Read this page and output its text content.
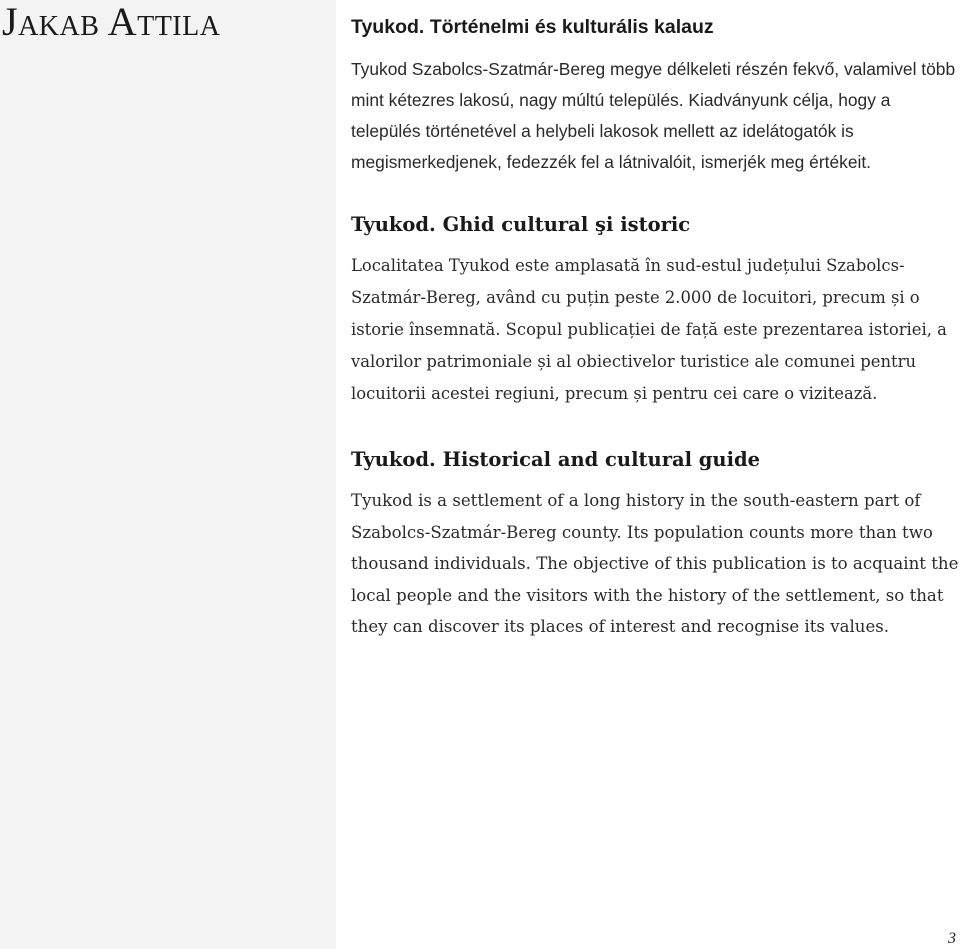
Jakab Attila	Tyukod. Történelmi és kulturális kalauz

Tyukod Szabolcs-Szatmár-Bereg megye délkeleti részén fekvő, valamivel több mint kétezres lakosú, nagy múltú település. Kiadványunk célja, hogy a település történetével a helybeli lakosok mellett az idelátogatók is megismerkedjenek, fedezzék fel a látnivalóit, ismerjék meg értékeit.

Tyukod. Ghid cultural şi istoric

Localitatea Tyukod este amplasată în sud-estul județului Szabolcs-Szatmár-Bereg, având cu puțin peste 2.000 de locuitori, precum și o istorie însemnată. Scopul publicației de față este prezentarea istoriei, a valorilor patrimoniale și al obiectivelor turistice ale comunei pentru locuitorii acestei regiuni, precum și pentru cei care o vizitează.

Tyukod. Historical and cultural guide

Tyukod is a settlement of a long history in the south-eastern part of Szabolcs-Szatmár-Bereg county. Its population counts more than two thousand individuals. The objective of this publication is to acquaint the local people and the visitors with the history of the settlement, so that they can discover its places of interest and recognise its values.

3
